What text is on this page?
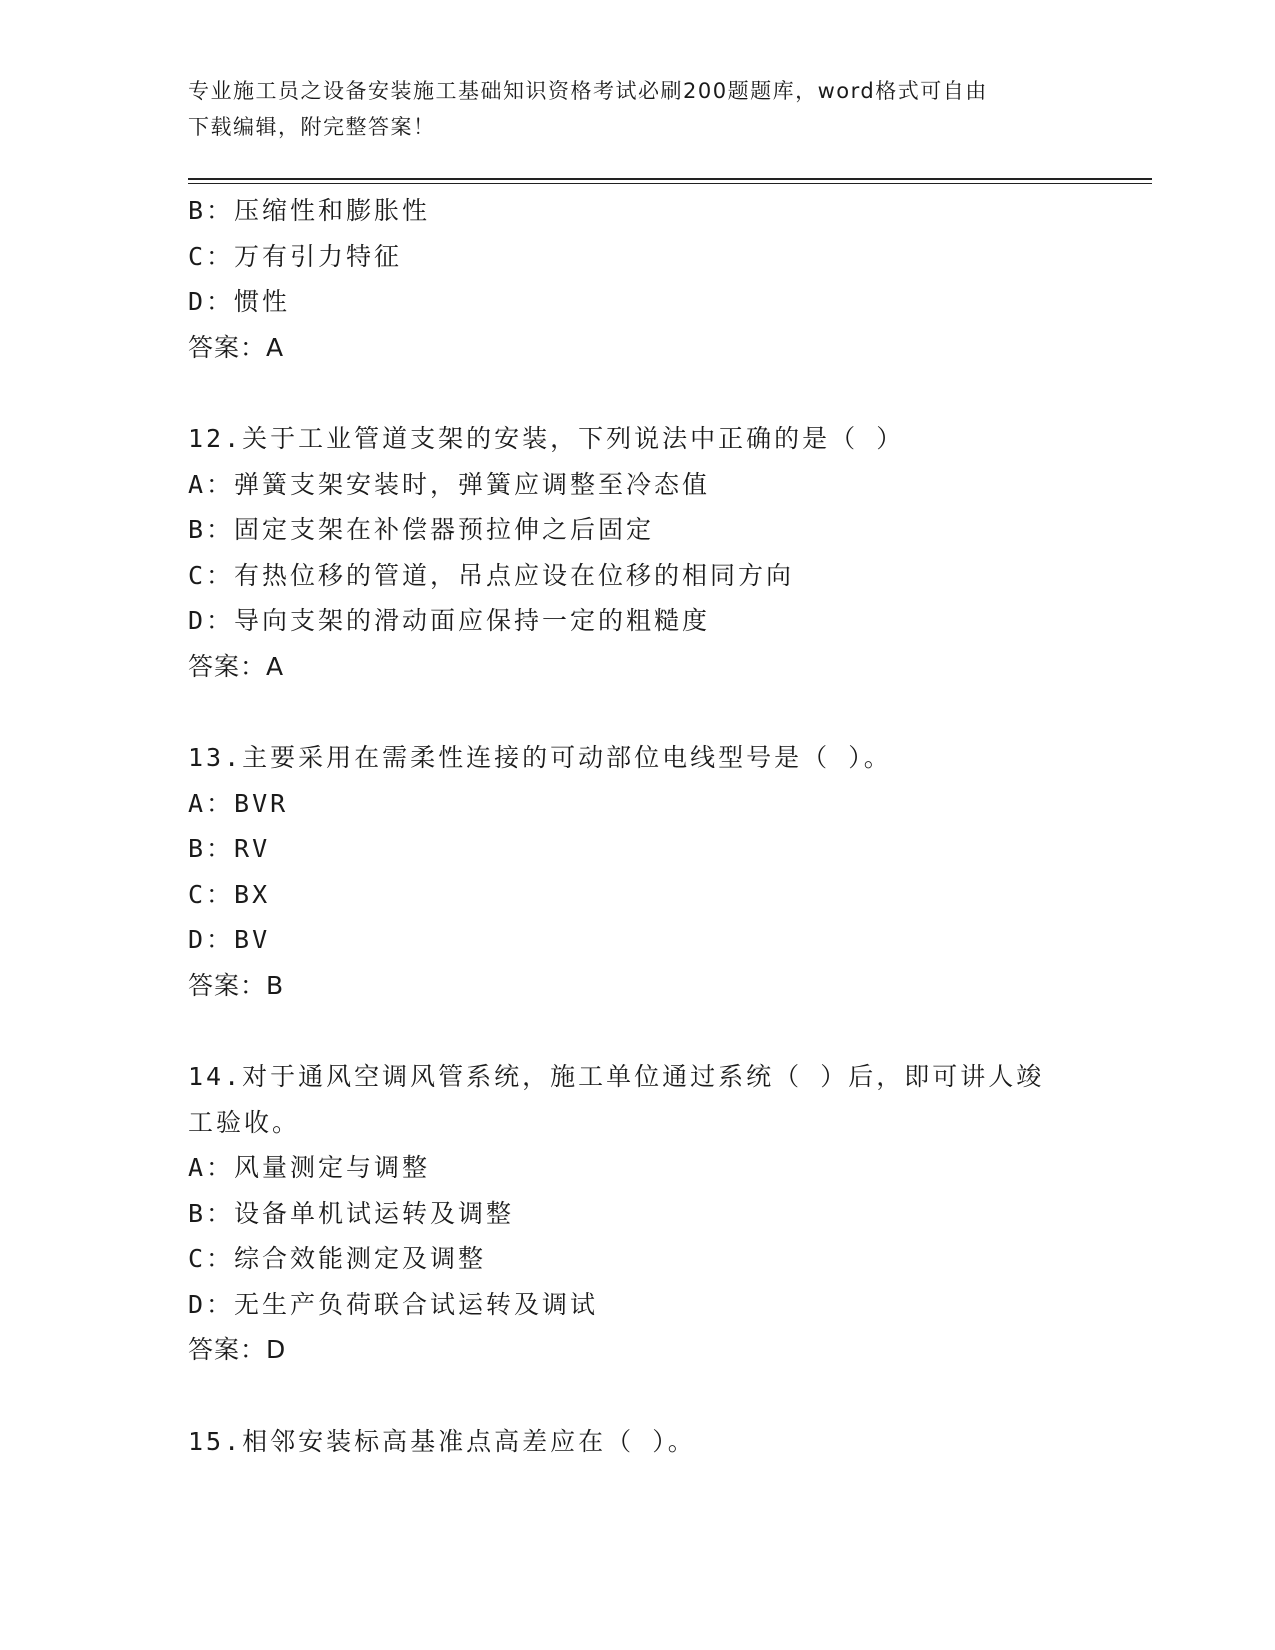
专业施工员之设备安装施工基础知识资格考试必刷200题题库，word格式可自由
下载编辑，附完整答案！
B：压缩性和膨胀性
C：万有引力特征
D：惯性
答案：A
12.关于工业管道支架的安装，下列说法中正确的是（ ）
A：弹簧支架安装时，弹簧应调整至冷态值
B：固定支架在补偿器预拉伸之后固定
C：有热位移的管道，吊点应设在位移的相同方向
D：导向支架的滑动面应保持一定的粗糙度
答案：A
13.主要采用在需柔性连接的可动部位电线型号是（ ）。
A：BVR
B：RV
C：BX
D：BV
答案：B
14.对于通风空调风管系统，施工单位通过系统（ ）后，即可讲人竣
工验收。
A：风量测定与调整
B：设备单机试运转及调整
C：综合效能测定及调整
D：无生产负荷联合试运转及调试
答案：D
15.相邻安装标高基准点高差应在（ ）。
